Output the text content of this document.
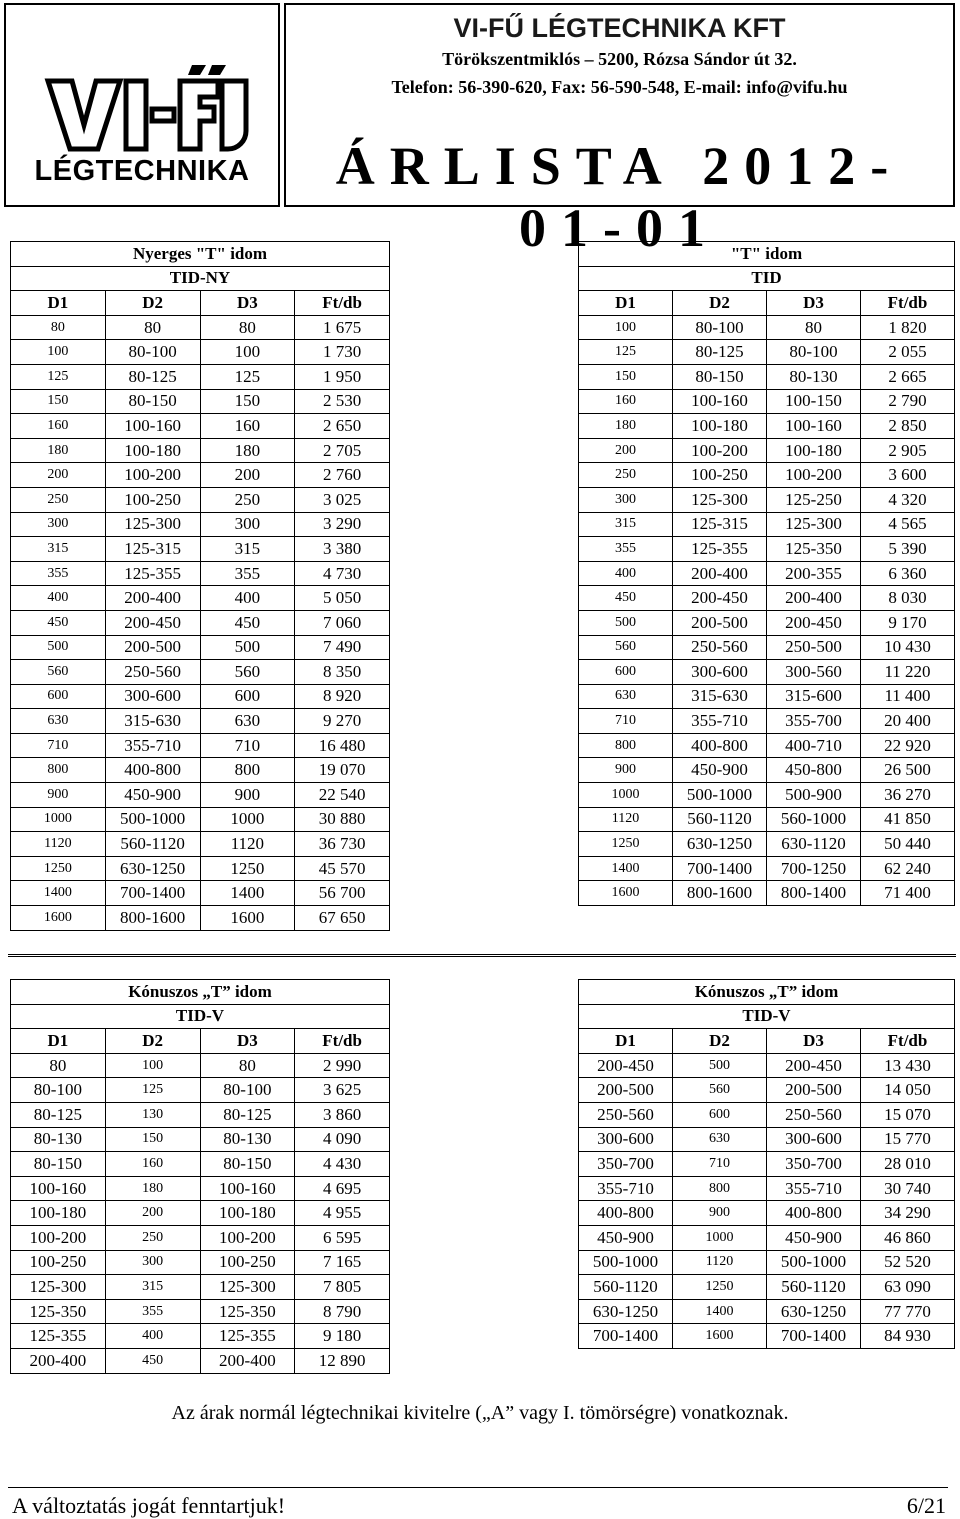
LÉGTECHNIKA
VI-FŰ LÉGTECHNIKA KFT
Törökszentmiklós – 5200, Rózsa Sándor út 32.
Telefon: 56-390-620, Fax: 56-590-548, E-mail: info@vifu.hu
ÁRLISTA 2012-01-01
Nyerges "T" idom			
TID-NY			
D1	D2	D3	Ft/db
80	80	80	1 675
100	80-100	100	1 730
125	80-125	125	1 950
150	80-150	150	2 530
160	100-160	160	2 650
180	100-180	180	2 705
200	100-200	200	2 760
250	100-250	250	3 025
300	125-300	300	3 290
315	125-315	315	3 380
355	125-355	355	4 730
400	200-400	400	5 050
450	200-450	450	7 060
500	200-500	500	7 490
560	250-560	560	8 350
600	300-600	600	8 920
630	315-630	630	9 270
710	355-710	710	16 480
800	400-800	800	19 070
900	450-900	900	22 540
1000	500-1000	1000	30 880
1120	560-1120	1120	36 730
1250	630-1250	1250	45 570
1400	700-1400	1400	56 700
1600	800-1600	1600	67 650
"T" idom			
TID			
D1	D2	D3	Ft/db
100	80-100	80	1 820
125	80-125	80-100	2 055
150	80-150	80-130	2 665
160	100-160	100-150	2 790
180	100-180	100-160	2 850
200	100-200	100-180	2 905
250	100-250	100-200	3 600
300	125-300	125-250	4 320
315	125-315	125-300	4 565
355	125-355	125-350	5 390
400	200-400	200-355	6 360
450	200-450	200-400	8 030
500	200-500	200-450	9 170
560	250-560	250-500	10 430
600	300-600	300-560	11 220
630	315-630	315-600	11 400
710	355-710	355-700	20 400
800	400-800	400-710	22 920
900	450-900	450-800	26 500
1000	500-1000	500-900	36 270
1120	560-1120	560-1000	41 850
1250	630-1250	630-1120	50 440
1400	700-1400	700-1250	62 240
1600	800-1600	800-1400	71 400
Kónuszos „T” idom			
TID-V			
D1	D2	D3	Ft/db
80	100	80	2 990
80-100	125	80-100	3 625
80-125	130	80-125	3 860
80-130	150	80-130	4 090
80-150	160	80-150	4 430
100-160	180	100-160	4 695
100-180	200	100-180	4 955
100-200	250	100-200	6 595
100-250	300	100-250	7 165
125-300	315	125-300	7 805
125-350	355	125-350	8 790
125-355	400	125-355	9 180
200-400	450	200-400	12 890
Kónuszos „T” idom			
TID-V			
D1	D2	D3	Ft/db
200-450	500	200-450	13 430
200-500	560	200-500	14 050
250-560	600	250-560	15 070
300-600	630	300-600	15 770
350-700	710	350-700	28 010
355-710	800	355-710	30 740
400-800	900	400-800	34 290
450-900	1000	450-900	46 860
500-1000	1120	500-1000	52 520
560-1120	1250	560-1120	63 090
630-1250	1400	630-1250	77 770
700-1400	1600	700-1400	84 930
Az árak normál légtechnikai kivitelre („A” vagy I. tömörségre) vonatkoznak.
A változtatás jogát fenntartjuk!	6/21
